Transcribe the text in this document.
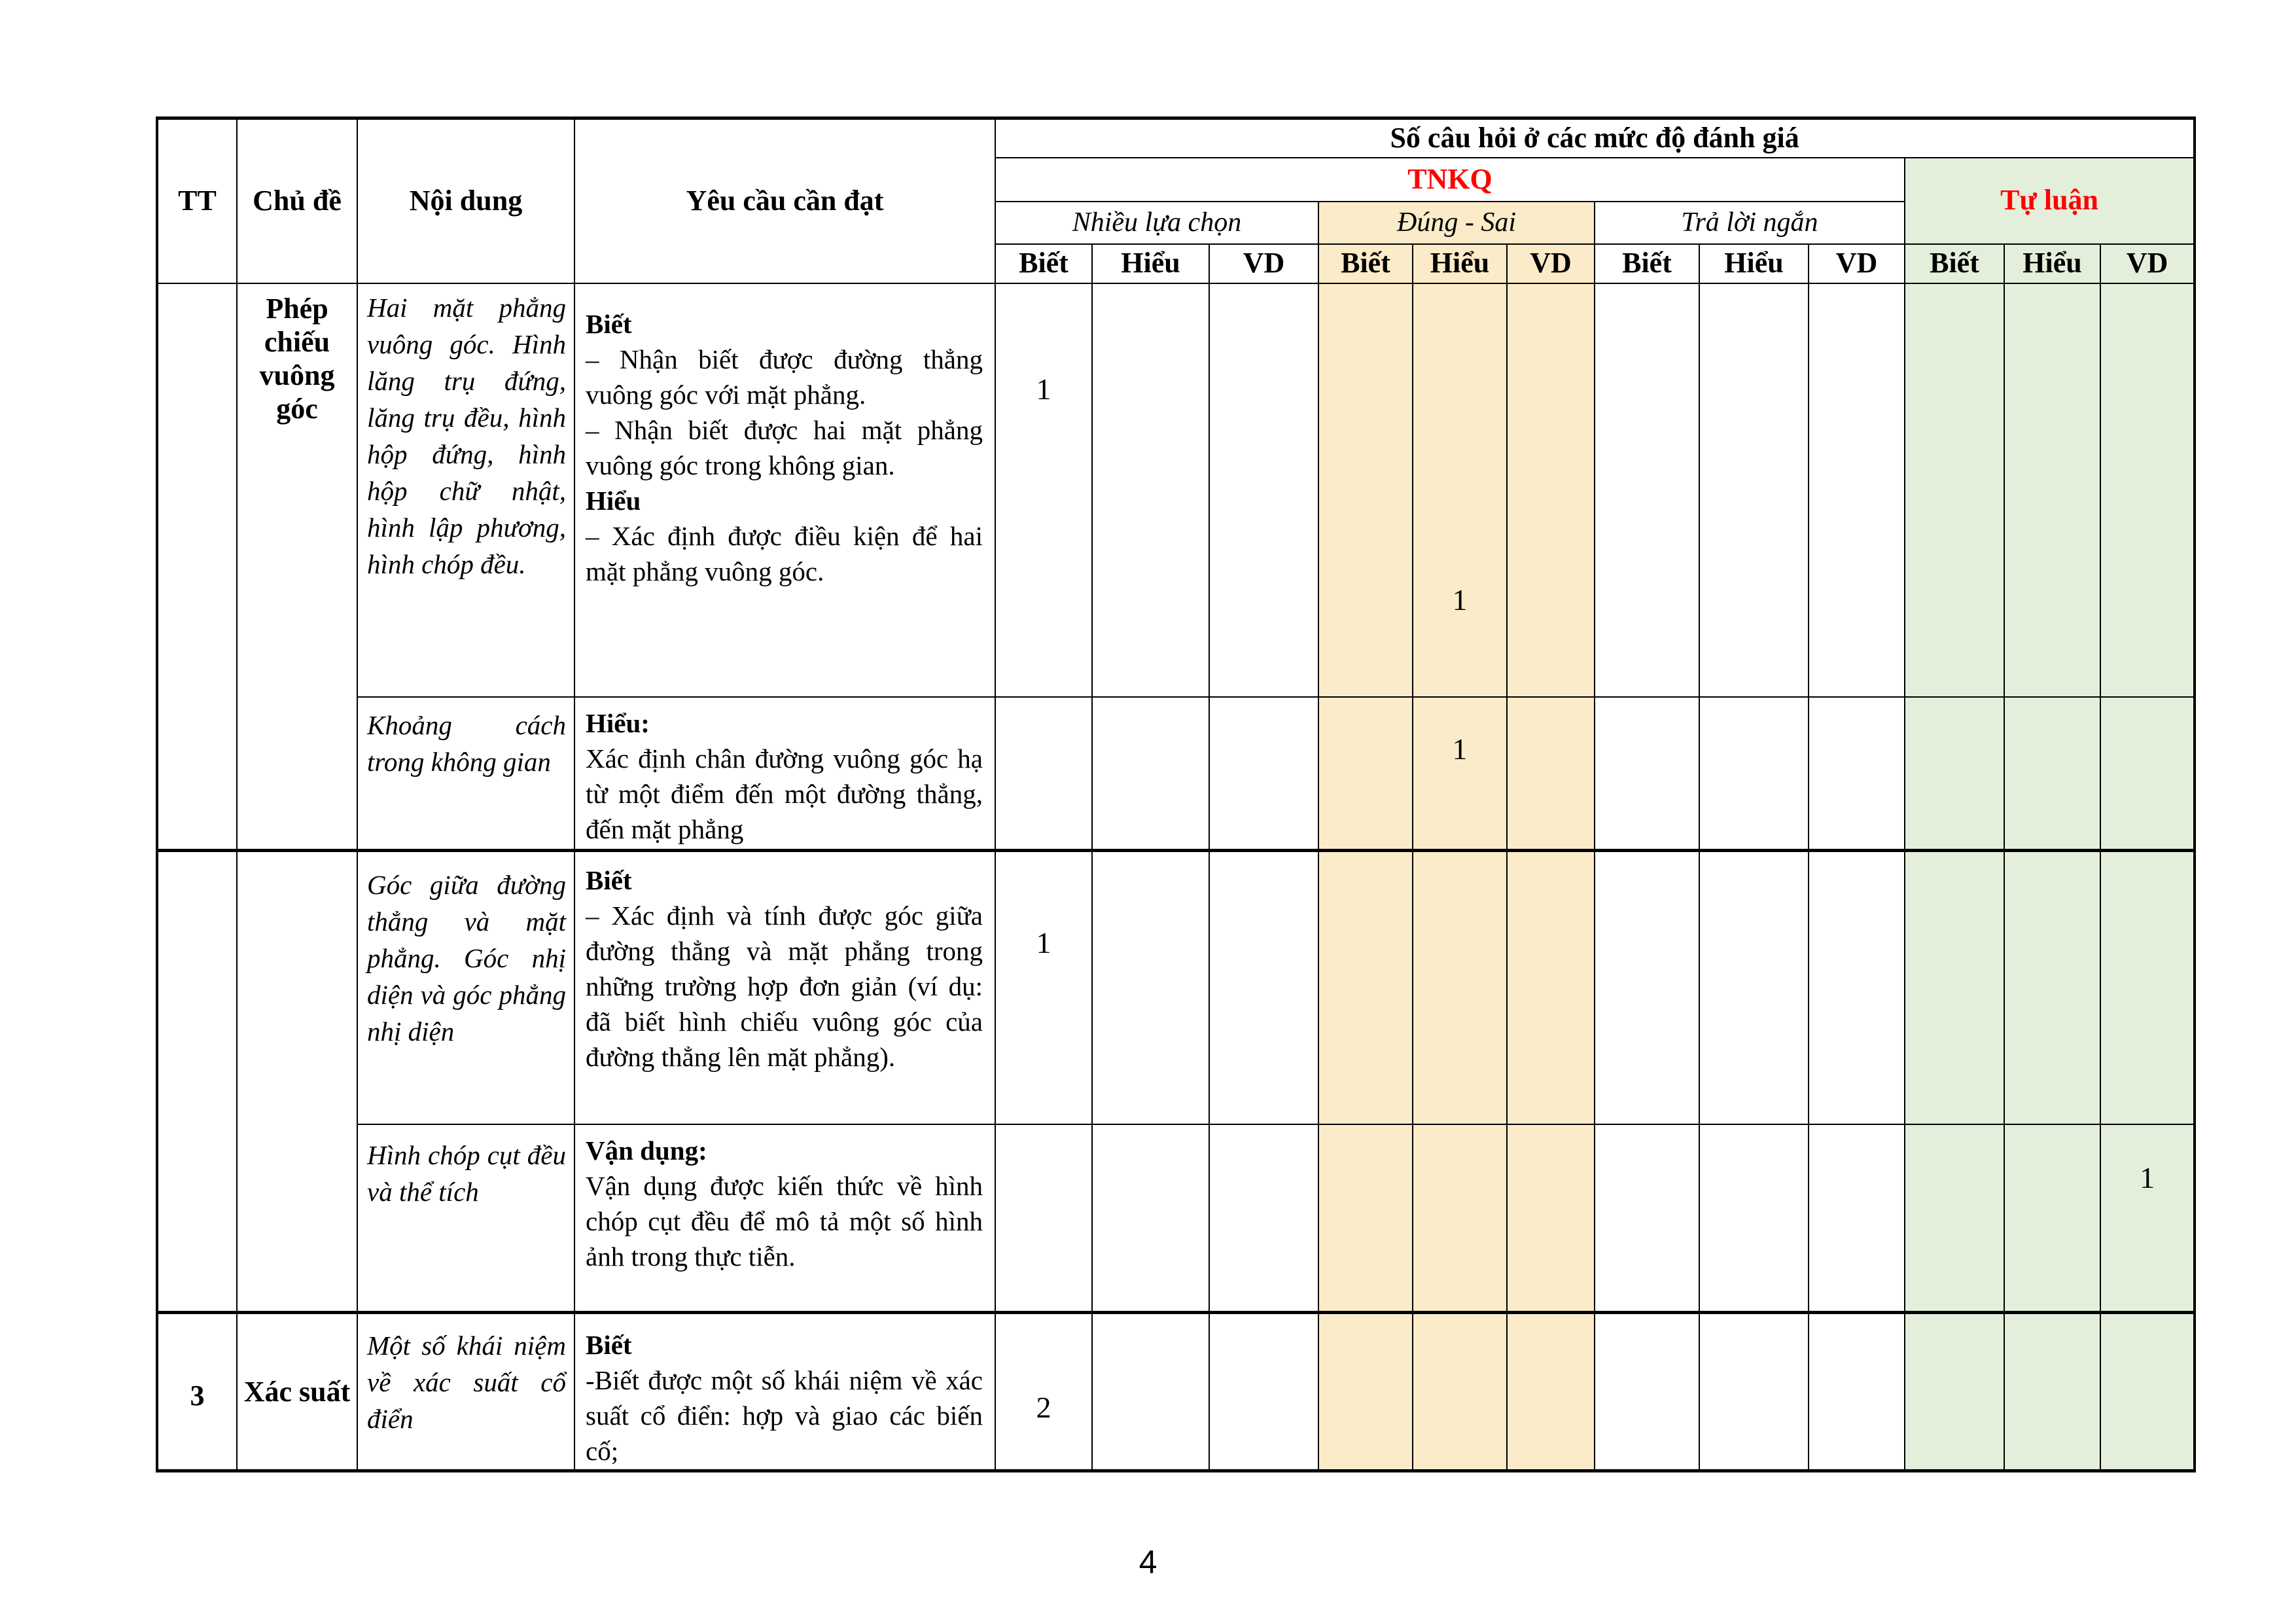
TT	Chủ đề	Nội dung	Yêu cầu cần đạt	Số câu hỏi ở các mức độ đánh giá											
				TNKQ									Tự luận		
				Nhiều lựa chọn			Đúng - Sai			Trả lời ngắn					
				Biết	Hiểu	VD	Biết	Hiểu	VD	Biết	Hiểu	VD	Biết	Hiểu	VD

	Phép chiếu vuông góc	Hai mặt phẳng vuông góc. Hình lăng trụ đứng, lăng trụ đều, hình hộp đứng, hình hộp chữ nhật, hình lập phương, hình chóp đều.	Biết
– Nhận biết được đường thẳng vuông góc với mặt phẳng.
– Nhận biết được hai mặt phẳng vuông góc trong không gian.
Hiểu
– Xác định được điều kiện để hai mặt phẳng vuông góc.	1				1							

		Khoảng cách trong không gian	Hiểu:
Xác định chân đường vuông góc hạ từ một điểm đến một đường thẳng, đến mặt phẳng					1							

		Góc giữa đường thẳng và mặt phẳng. Góc nhị diện và góc phẳng nhị diện	Biết
– Xác định và tính được góc giữa đường thẳng và mặt phẳng trong những trường hợp đơn giản (ví dụ: đã biết hình chiếu vuông góc của đường thẳng lên mặt phẳng).	1											

		Hình chóp cụt đều và thể tích	Vận dụng:
Vận dụng được kiến thức về hình chóp cụt đều để mô tả một số hình ảnh trong thực tiễn.												1
3	Xác suất	Một số khái niệm về xác suất cổ điển	Biết
-Biết được một số khái niệm về xác suất cổ điển: hợp và giao các biến cố;	2											
4
